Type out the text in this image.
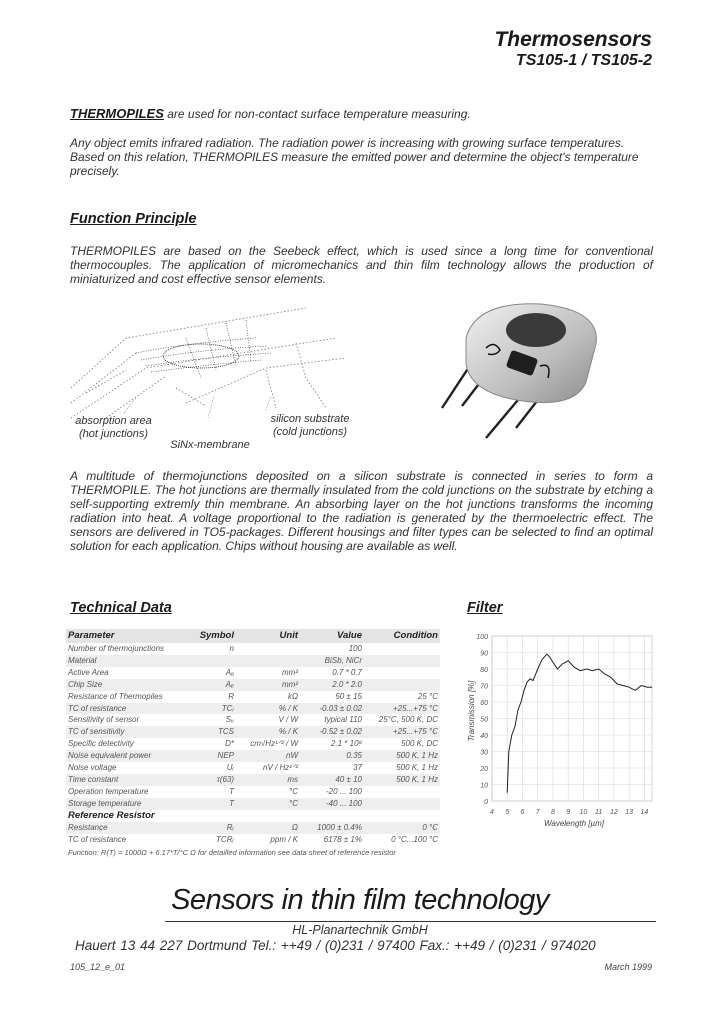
Thermosensors
TS105-1 / TS105-2
THERMOPILES are used for non-contact surface temperature measuring.
Any object emits infrared radiation. The radiation power is increasing with growing surface temperatures. Based on this relation, THERMOPILES measure the emitted power and determine the object's temperature precisely.
Function Principle
THERMOPILES are based on the Seebeck effect, which is used since a long time for conventional thermocouples. The application of micromechanics and thin film technology allows the production of miniaturized and cost effective sensor elements.
absorption area
(hot junctions)
silicon substrate
(cold junctions)
SiNx-membrane
A multitude of thermojunctions deposited on a silicon substrate is connected in series to form a THERMOPILE. The hot junctions are thermally insulated from the cold junctions on the substrate by etching a self-supporting extremly thin membrane. An absorbing layer on the hot junctions transforms the incoming radiation into heat. A voltage proportional to the radiation is generated by the thermoelectric effect. The sensors are delivered in TO5-packages. Different housings and filter types can be selected to find an optimal solution for each application. Chips without housing are available as well.
Technical Data
Parameter	Symbol	Unit	Value	Condition
Number of thermojunctions	n		100	
Material			BiSb, NiCr	
Active Area	Aₐ	mm²	0.7 * 0.7	
Chip Size	Aₑ	mm²	2.0 * 2.0	
Resistance of Thermopiles	R	kΩ	50 ± 15	25 °C
TC of resistance	TCᵣ	% / K	-0.03 ± 0.02	+25...+75 °C
Sensitivity of sensor	Sᵥ	V / W	typical 110	25°C, 500 K, DC
TC of sensitivity	TCS	% / K	-0.52 ± 0.02	+25...+75 °C
Specific detectivity	D*	cm√Hz¹ᐟ² / W	2.1 * 10⁸	500 K, DC
Noise equivalent power	NEP	nW	0.35	500 K, 1 Hz
Noise voltage	Uᵣ	nV / Hz¹ᐟ²	37	500 K, 1 Hz
Time constant	τ(63)	ms	40 ± 10	500 K, 1 Hz
Operation temperature	T	°C	-20 ... 100	
Storage temperature	T	°C	-40 ... 100	
Reference Resistor				
Resistance	Rᵣ	Ω	1000 ± 0.4%	0 °C
TC of resistance	TCRᵣ	ppm / K	6178 ± 1%	0 °C...100 °C
Function: R(T) = 1000Ω + 6.17*T/°C Ω for detailled information see data sheet of reference resistor
Filter
0
10
20
30
40
50
60
70
80
90
100
4 5 6 7 8 9 10 11 12 13 14
Transmission [%]
Wavelength [µm]
Sensors in thin film technology
HL-Planartechnik GmbH
Hauert 13 44 227 Dortmund Tel.: ++49 / (0)231 / 97400 Fax.: ++49 / (0)231 / 974020
105_12_e_01	March 1999
